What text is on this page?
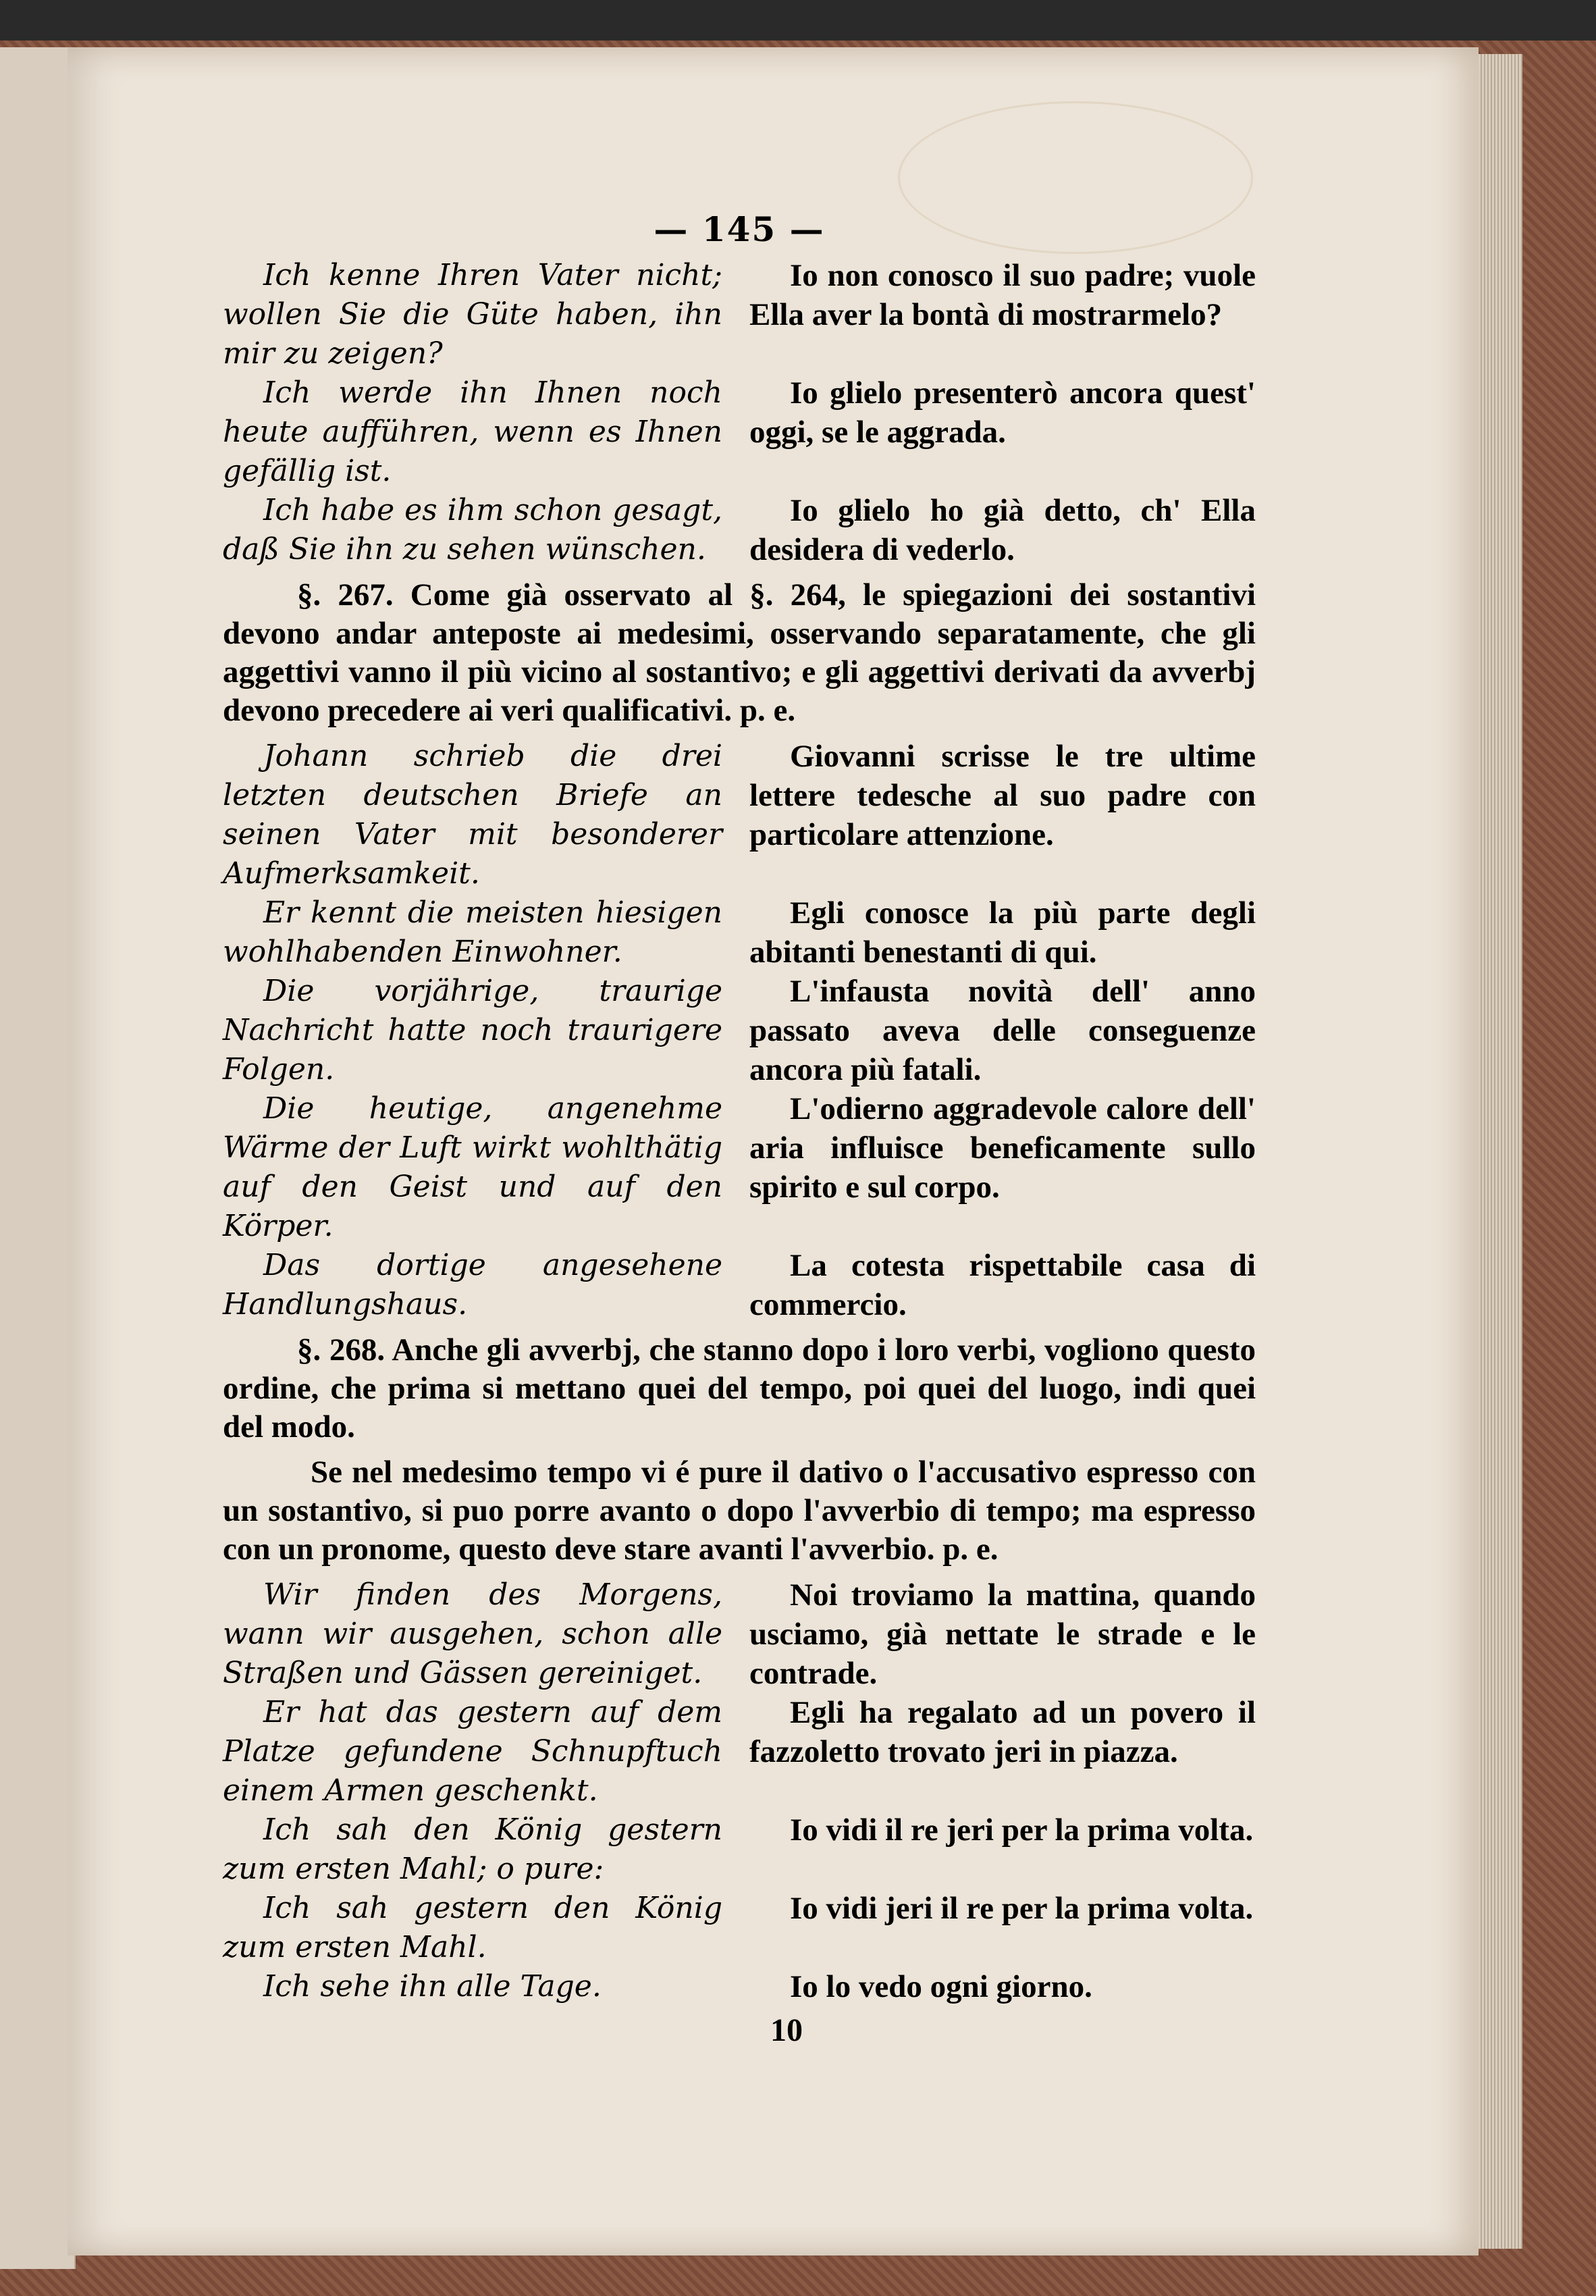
— 145 —
Ich kenne Ihren Vater nicht; wollen Sie die Güte haben, ihn mir zu zeigen?
Io non conosco il suo padre; vuole Ella aver la bontà di mostrarmelo?
Ich werde ihn Ihnen noch heute aufführen, wenn es Ihnen gefällig ist.
Io glielo presenterò ancora quest' oggi, se le aggrada.
Ich habe es ihm schon gesagt, daß Sie ihn zu sehen wünschen.
Io glielo ho già detto, ch' Ella desidera di vederlo.
§. 267. Come già osservato al §. 264, le spiegazioni dei sostantivi devono andar anteposte ai medesimi, osservando separatamente, che gli aggettivi vanno il più vicino al sostantivo; e gli aggettivi derivati da avverbj devono precedere ai veri qualificativi. p. e.
Johann schrieb die drei letzten deutschen Briefe an seinen Vater mit besonderer Aufmerksamkeit.
Giovanni scrisse le tre ultime lettere tedesche al suo padre con particolare attenzione.
Er kennt die meisten hiesigen wohlhabenden Einwohner.
Egli conosce la più parte degli abitanti benestanti di qui.
Die vorjährige, traurige Nachricht hatte noch traurigere Folgen.
L'infausta novità dell' anno passato aveva delle conseguenze ancora più fatali.
Die heutige, angenehme Wärme der Luft wirkt wohlthätig auf den Geist und auf den Körper.
L'odierno aggradevole calore dell' aria influisce beneficamente sullo spirito e sul corpo.
Das dortige angesehene Handlungshaus.
La cotesta rispettabile casa di commercio.
§. 268. Anche gli avverbj, che stanno dopo i loro verbi, vogliono questo ordine, che prima si mettano quei del tempo, poi quei del luogo, indi quei del modo.
Se nel medesimo tempo vi é pure il dativo o l'accusativo espresso con un sostantivo, si puo porre avanto o dopo l'avverbio di tempo; ma espresso con un pronome, questo deve stare avanti l'avverbio. p. e.
Wir finden des Morgens, wann wir ausgehen, schon alle Straßen und Gässen gereiniget.
Noi troviamo la mattina, quando usciamo, già nettate le strade e le contrade.
Er hat das gestern auf dem Platze gefundene Schnupftuch einem Armen geschenkt.
Egli ha regalato ad un povero il fazzoletto trovato jeri in piazza.
Ich sah den König gestern zum ersten Mahl; o pure:
Io vidi il re jeri per la prima volta.
Ich sah gestern den König zum ersten Mahl.
Io vidi jeri il re per la prima volta.
Ich sehe ihn alle Tage.	Io lo vedo ogni giorno.
10
